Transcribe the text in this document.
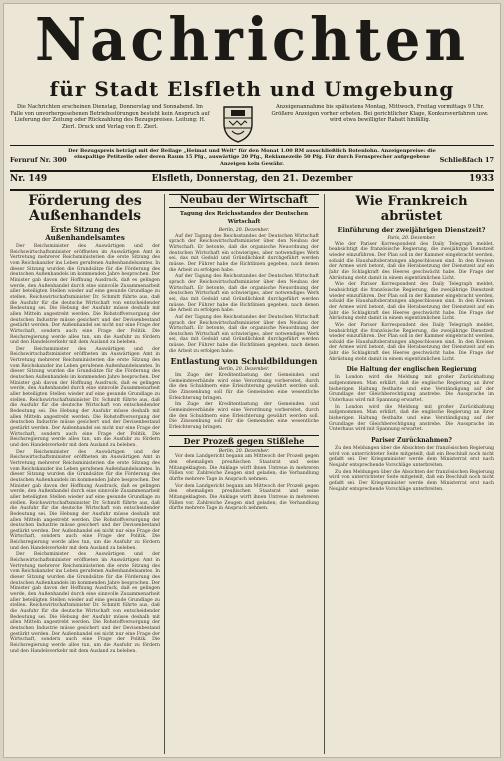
Nachrichten
für Stadt Elsfleth und Umgebung
Die Nachrichten erscheinen Dienstag, Donnerstag und Sonnabend. Im Falle von unvorhergesehenen Betriebsstörungen besteht kein Anspruch auf Lieferung der Zeitung oder Rückzahlung des Bezugspreises. Leitung: H. Zierl. Druck und Verlag von E. Zierl.
Anzeigenannahme bis spätestens Montag, Mittwoch, Freitag vormittags 9 Uhr. Größere Anzeigen vorher erbeten. Bei gerichtlicher Klage, Konkursverfahren usw. wird etwa bewilligter Rabatt hinfällig.
Der Bezugspreis beträgt mit der Beilage „Heimat und Welt“ für den Monat 1.00 RM ausschließlich Botenlohn. Anzeigenpreise: die einspaltige Petitzeile oder deren Raum 15 Pfg., auswärtige 20 Pfg., Reklamezeile 50 Pfg. Für durch Fernsprecher aufgegebene Anzeigen kein Gewähr.
Fernruf Nr. 300	Schließfach 17
Nr. 149	Elsfleth, Donnerstag, den 21. Dezember	1933
Förderung des Außenhandels
Erste Sitzung des Außenhandelsamtes

Der Reichsminister des Auswärtigen und der Reichswirtschaftsminister eröffneten im Auswärtigen Amt in Vertretung mehrerer Reichsministerien die erste Sitzung des vom Reichskanzler ins Leben gerufenen Außenhandelsamtes. In dieser Sitzung wurden die Grundsätze für die Förderung des deutschen Außenhandels im kommenden Jahre besprochen. Der Minister gab davon der Hoffnung Ausdruck, daß es gelingen werde, den Außenhandel durch eine sinnvolle Zusammenarbeit aller beteiligten Stellen wieder auf eine gesunde Grundlage zu stellen. Reichswirtschaftsminister Dr. Schmitt führte aus, daß die Ausfuhr für die deutsche Wirtschaft von entscheidender Bedeutung sei. Die Hebung der Ausfuhr müsse deshalb mit allen Mitteln angestrebt werden. Die Rohstoffversorgung der deutschen Industrie müsse gesichert und der Devisenbestand gestärkt werden. Der Außenhandel sei nicht nur eine Frage der Wirtschaft, sondern auch eine Frage der Politik. Die Reichsregierung werde alles tun, um die Ausfuhr zu fördern und den Handelsverkehr mit dem Ausland zu beleben.

Der Reichsminister des Auswärtigen und der Reichswirtschaftsminister eröffneten im Auswärtigen Amt in Vertretung mehrerer Reichsministerien die erste Sitzung des vom Reichskanzler ins Leben gerufenen Außenhandelsamtes. In dieser Sitzung wurden die Grundsätze für die Förderung des deutschen Außenhandels im kommenden Jahre besprochen. Der Minister gab davon der Hoffnung Ausdruck, daß es gelingen werde, den Außenhandel durch eine sinnvolle Zusammenarbeit aller beteiligten Stellen wieder auf eine gesunde Grundlage zu stellen. Reichswirtschaftsminister Dr. Schmitt führte aus, daß die Ausfuhr für die deutsche Wirtschaft von entscheidender Bedeutung sei. Die Hebung der Ausfuhr müsse deshalb mit allen Mitteln angestrebt werden. Die Rohstoffversorgung der deutschen Industrie müsse gesichert und der Devisenbestand gestärkt werden. Der Außenhandel sei nicht nur eine Frage der Wirtschaft, sondern auch eine Frage der Politik. Die Reichsregierung werde alles tun, um die Ausfuhr zu fördern und den Handelsverkehr mit dem Ausland zu beleben.

Der Reichsminister des Auswärtigen und der Reichswirtschaftsminister eröffneten im Auswärtigen Amt in Vertretung mehrerer Reichsministerien die erste Sitzung des vom Reichskanzler ins Leben gerufenen Außenhandelsamtes. In dieser Sitzung wurden die Grundsätze für die Förderung des deutschen Außenhandels im kommenden Jahre besprochen. Der Minister gab davon der Hoffnung Ausdruck, daß es gelingen werde, den Außenhandel durch eine sinnvolle Zusammenarbeit aller beteiligten Stellen wieder auf eine gesunde Grundlage zu stellen. Reichswirtschaftsminister Dr. Schmitt führte aus, daß die Ausfuhr für die deutsche Wirtschaft von entscheidender Bedeutung sei. Die Hebung der Ausfuhr müsse deshalb mit allen Mitteln angestrebt werden. Die Rohstoffversorgung der deutschen Industrie müsse gesichert und der Devisenbestand gestärkt werden. Der Außenhandel sei nicht nur eine Frage der Wirtschaft, sondern auch eine Frage der Politik. Die Reichsregierung werde alles tun, um die Ausfuhr zu fördern und den Handelsverkehr mit dem Ausland zu beleben.

Der Reichsminister des Auswärtigen und der Reichswirtschaftsminister eröffneten im Auswärtigen Amt in Vertretung mehrerer Reichsministerien die erste Sitzung des vom Reichskanzler ins Leben gerufenen Außenhandelsamtes. In dieser Sitzung wurden die Grundsätze für die Förderung des deutschen Außenhandels im kommenden Jahre besprochen. Der Minister gab davon der Hoffnung Ausdruck, daß es gelingen werde, den Außenhandel durch eine sinnvolle Zusammenarbeit aller beteiligten Stellen wieder auf eine gesunde Grundlage zu stellen. Reichswirtschaftsminister Dr. Schmitt führte aus, daß die Ausfuhr für die deutsche Wirtschaft von entscheidender Bedeutung sei. Die Hebung der Ausfuhr müsse deshalb mit allen Mitteln angestrebt werden. Die Rohstoffversorgung der deutschen Industrie müsse gesichert und der Devisenbestand gestärkt werden. Der Außenhandel sei nicht nur eine Frage der Wirtschaft, sondern auch eine Frage der Politik. Die Reichsregierung werde alles tun, um die Ausfuhr zu fördern und den Handelsverkehr mit dem Ausland zu beleben.

Neubau der Wirtschaft
Tagung des Reichsstandes der Deutschen Wirtschaft
Berlin, 20. Dezember.

Auf der Tagung des Reichsstandes der Deutschen Wirtschaft sprach der Reichswirtschaftsminister über den Neubau der Wirtschaft. Er betonte, daß die organische Neuordnung der deutschen Wirtschaft ein schwieriges, aber notwendiges Werk sei, das mit Geduld und Gründlichkeit durchgeführt werden müsse. Der Führer habe die Richtlinien gegeben, nach denen die Arbeit zu erfolgen habe.

Auf der Tagung des Reichsstandes der Deutschen Wirtschaft sprach der Reichswirtschaftsminister über den Neubau der Wirtschaft. Er betonte, daß die organische Neuordnung der deutschen Wirtschaft ein schwieriges, aber notwendiges Werk sei, das mit Geduld und Gründlichkeit durchgeführt werden müsse. Der Führer habe die Richtlinien gegeben, nach denen die Arbeit zu erfolgen habe.

Auf der Tagung des Reichsstandes der Deutschen Wirtschaft sprach der Reichswirtschaftsminister über den Neubau der Wirtschaft. Er betonte, daß die organische Neuordnung der deutschen Wirtschaft ein schwieriges, aber notwendiges Werk sei, das mit Geduld und Gründlichkeit durchgeführt werden müsse. Der Führer habe die Richtlinien gegeben, nach denen die Arbeit zu erfolgen habe.

Entlastung von Schuldbildungen
Berlin, 20. Dezember.

Im Zuge der Kreditentlastung der Gemeinden und Gemeindeverbände wird eine Verordnung vorbereitet, durch die den Schuldnern eine Erleichterung gewährt werden soll. Die Zinssenkung soll für die Gemeinden eine wesentliche Erleichterung bringen.

Im Zuge der Kreditentlastung der Gemeinden und Gemeindeverbände wird eine Verordnung vorbereitet, durch die den Schuldnern eine Erleichterung gewährt werden soll. Die Zinssenkung soll für die Gemeinden eine wesentliche Erleichterung bringen.

Der Prozeß gegen Stißlehe
Berlin, 20. Dezember.

Vor dem Landgericht begann am Mittwoch der Prozeß gegen den ehemaligen preußischen Staatsrat und seine Mitangeklagten. Die Anklage wirft ihnen Untreue in mehreren Fällen vor. Zahlreiche Zeugen sind geladen; die Verhandlung dürfte mehrere Tage in Anspruch nehmen.

Vor dem Landgericht begann am Mittwoch der Prozeß gegen den ehemaligen preußischen Staatsrat und seine Mitangeklagten. Die Anklage wirft ihnen Untreue in mehreren Fällen vor. Zahlreiche Zeugen sind geladen; die Verhandlung dürfte mehrere Tage in Anspruch nehmen.

Wie Frankreich abrüstet
Einführung der zweijährigen Dienstzeit?
Paris, 20. Dezember.

Wie der Pariser Korrespondent des Daily Telegraph meldet, beabsichtigt die französische Regierung, die zweijährige Dienstzeit wieder einzuführen. Der Plan soll in der Kammer eingebracht werden, sobald die Haushaltsberatungen abgeschlossen sind. In den Kreisen der Armee wird betont, daß die Herabsetzung der Dienstzeit auf ein Jahr die Schlagkraft des Heeres geschwächt habe. Die Frage der Abrüstung steht damit in einem eigentümlichen Licht.

Wie der Pariser Korrespondent des Daily Telegraph meldet, beabsichtigt die französische Regierung, die zweijährige Dienstzeit wieder einzuführen. Der Plan soll in der Kammer eingebracht werden, sobald die Haushaltsberatungen abgeschlossen sind. In den Kreisen der Armee wird betont, daß die Herabsetzung der Dienstzeit auf ein Jahr die Schlagkraft des Heeres geschwächt habe. Die Frage der Abrüstung steht damit in einem eigentümlichen Licht.

Wie der Pariser Korrespondent des Daily Telegraph meldet, beabsichtigt die französische Regierung, die zweijährige Dienstzeit wieder einzuführen. Der Plan soll in der Kammer eingebracht werden, sobald die Haushaltsberatungen abgeschlossen sind. In den Kreisen der Armee wird betont, daß die Herabsetzung der Dienstzeit auf ein Jahr die Schlagkraft des Heeres geschwächt habe. Die Frage der Abrüstung steht damit in einem eigentümlichen Licht.

Die Haltung der englischen Regierung

In London wird die Meldung mit großer Zurückhaltung aufgenommen. Man erklärt, daß die englische Regierung an ihrer bisherigen Haltung festhalte und eine Verständigung auf der Grundlage der Gleichberechtigung anstrebe. Die Aussprache im Unterhaus wird mit Spannung erwartet.

In London wird die Meldung mit großer Zurückhaltung aufgenommen. Man erklärt, daß die englische Regierung an ihrer bisherigen Haltung festhalte und eine Verständigung auf der Grundlage der Gleichberechtigung anstrebe. Die Aussprache im Unterhaus wird mit Spannung erwartet.

Pariser Zurücknahmen?

Zu den Meldungen über die Absichten der französischen Regierung wird von unterrichteter Seite mitgeteilt, daß ein Beschluß noch nicht gefaßt sei. Der Kriegsminister werde dem Ministerrat erst nach Neujahr entsprechende Vorschläge unterbreiten.

Zu den Meldungen über die Absichten der französischen Regierung wird von unterrichteter Seite mitgeteilt, daß ein Beschluß noch nicht gefaßt sei. Der Kriegsminister werde dem Ministerrat erst nach Neujahr entsprechende Vorschläge unterbreiten.
